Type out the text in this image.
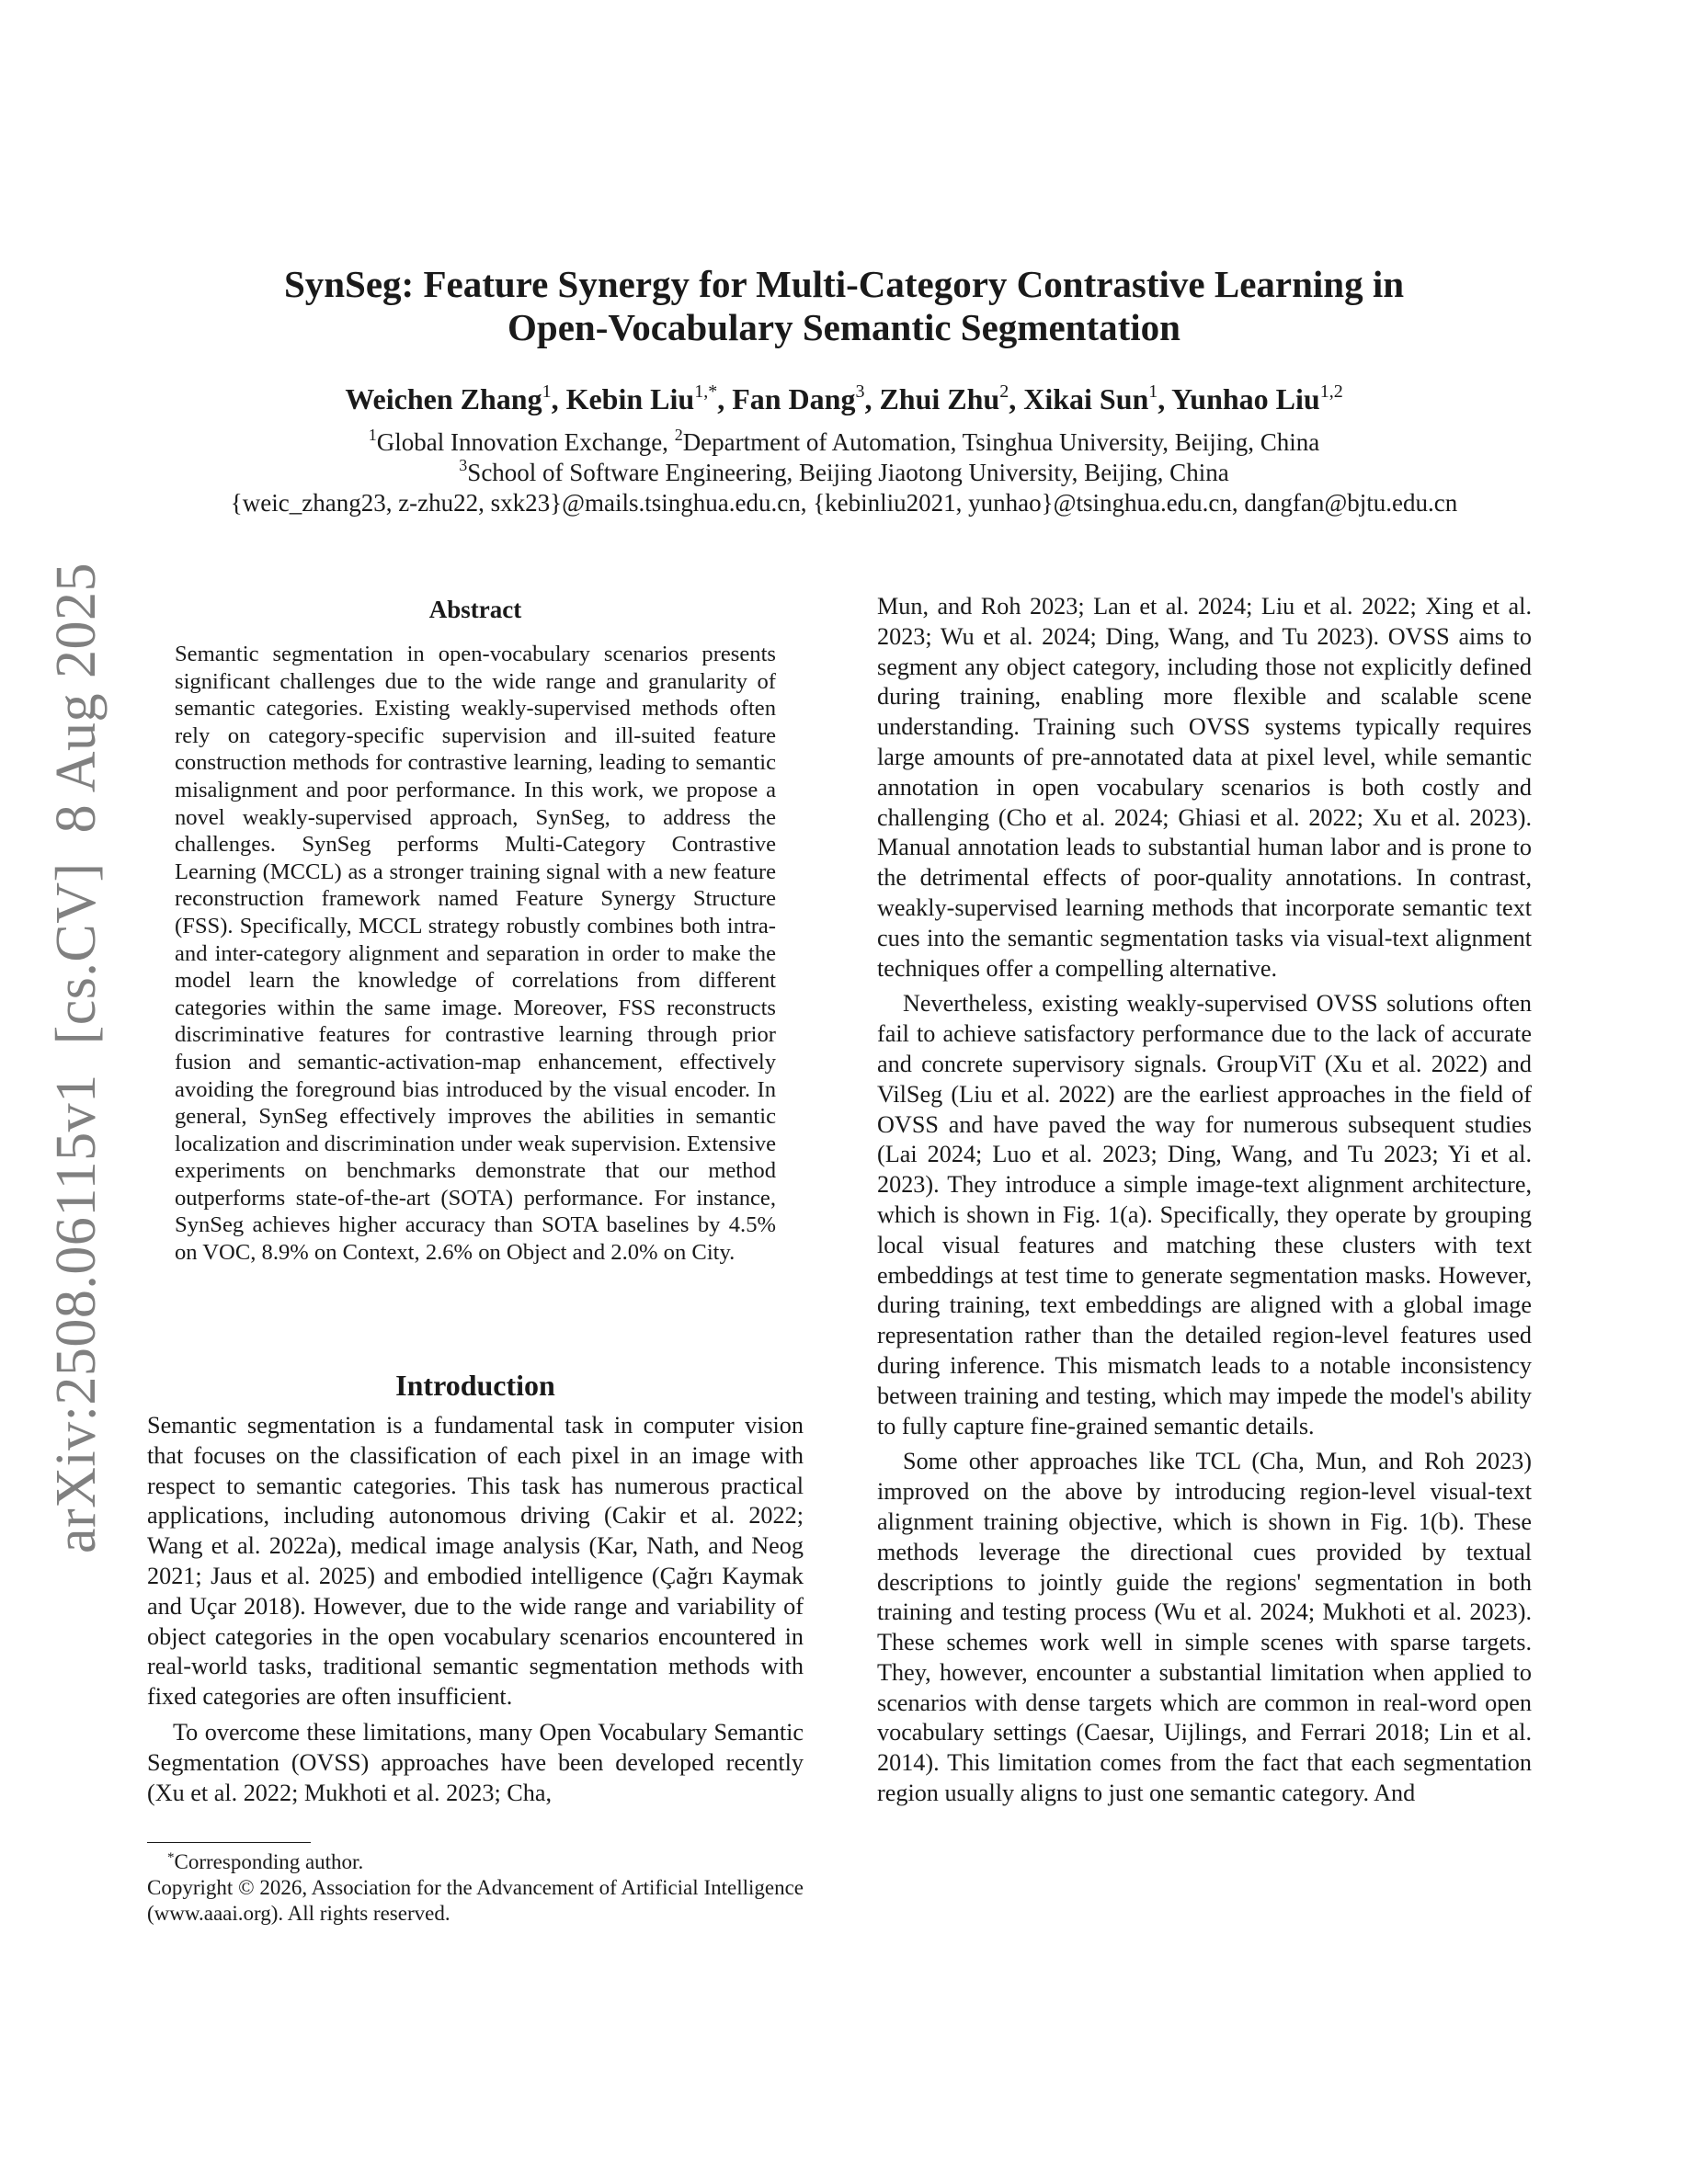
arXiv:2508.06115v1  [cs.CV]  8 Aug 2025
SynSeg: Feature Synergy for Multi-Category Contrastive Learning in
Open-Vocabulary Semantic Segmentation
Weichen Zhang$^1$, Kebin Liu$^{1,*}$, Fan Dang$^3$, Zhui Zhu$^2$, Xikai Sun$^1$, Yunhao Liu$^{1,2}$
$^1$Global Innovation Exchange, $^2$Department of Automation, Tsinghua University, Beijing, China
$^3$School of Software Engineering, Beijing Jiaotong University, Beijing, China
{weic_zhang23, z-zhu22, sxk23}@mails.tsinghua.edu.cn, {kebinliu2021, yunhao}@tsinghua.edu.cn, dangfan@bjtu.edu.cn
Abstract
Semantic segmentation in open-vocabulary scenarios presents significant challenges due to the wide range and granularity of semantic categories. Existing weakly-supervised methods often rely on category-specific supervision and ill-suited feature construction methods for contrastive learning, leading to semantic misalignment and poor performance. In this work, we propose a novel weakly-supervised approach, SynSeg, to address the challenges. SynSeg performs Multi-Category Contrastive Learning (MCCL) as a stronger training signal with a new feature reconstruction framework named Feature Synergy Structure (FSS). Specifically, MCCL strategy robustly combines both intra- and inter-category alignment and separation in order to make the model learn the knowledge of correlations from different categories within the same image. Moreover, FSS reconstructs discriminative features for contrastive learning through prior fusion and semantic-activation-map enhancement, effectively avoiding the foreground bias introduced by the visual encoder. In general, SynSeg effectively improves the abilities in semantic localization and discrimination under weak supervision. Extensive experiments on benchmarks demonstrate that our method outperforms state-of-the-art (SOTA) performance. For instance, SynSeg achieves higher accuracy than SOTA baselines by 4.5% on VOC, 8.9% on Context, 2.6% on Object and 2.0% on City.
Introduction

Semantic segmentation is a fundamental task in computer vision that focuses on the classification of each pixel in an image with respect to semantic categories. This task has numerous practical applications, including autonomous driving (Cakir et al. 2022; Wang et al. 2022a), medical image analysis (Kar, Nath, and Neog 2021; Jaus et al. 2025) and embodied intelligence (Çağrı Kaymak and Uçar 2018). However, due to the wide range and variability of object categories in the open vocabulary scenarios encountered in real-world tasks, traditional semantic segmentation methods with fixed categories are often insufficient.

To overcome these limitations, many Open Vocabulary Semantic Segmentation (OVSS) approaches have been developed recently (Xu et al. 2022; Mukhoti et al. 2023; Cha,

*Corresponding author.
Copyright © 2026, Association for the Advancement of Artificial Intelligence (www.aaai.org). All rights reserved.

Mun, and Roh 2023; Lan et al. 2024; Liu et al. 2022; Xing et al. 2023; Wu et al. 2024; Ding, Wang, and Tu 2023). OVSS aims to segment any object category, including those not explicitly defined during training, enabling more flexible and scalable scene understanding. Training such OVSS systems typically requires large amounts of pre-annotated data at pixel level, while semantic annotation in open vocabulary scenarios is both costly and challenging (Cho et al. 2024; Ghiasi et al. 2022; Xu et al. 2023). Manual annotation leads to substantial human labor and is prone to the detrimental effects of poor-quality annotations. In contrast, weakly-supervised learning methods that incorporate semantic text cues into the semantic segmentation tasks via visual-text alignment techniques offer a compelling alternative.

Nevertheless, existing weakly-supervised OVSS solutions often fail to achieve satisfactory performance due to the lack of accurate and concrete supervisory signals. GroupViT (Xu et al. 2022) and VilSeg (Liu et al. 2022) are the earliest approaches in the field of OVSS and have paved the way for numerous subsequent studies (Lai 2024; Luo et al. 2023; Ding, Wang, and Tu 2023; Yi et al. 2023). They introduce a simple image-text alignment architecture, which is shown in Fig. 1(a). Specifically, they operate by grouping local visual features and matching these clusters with text embeddings at test time to generate segmentation masks. However, during training, text embeddings are aligned with a global image representation rather than the detailed region-level features used during inference. This mismatch leads to a notable inconsistency between training and testing, which may impede the model's ability to fully capture fine-grained semantic details.

Some other approaches like TCL (Cha, Mun, and Roh 2023) improved on the above by introducing region-level visual-text alignment training objective, which is shown in Fig. 1(b). These methods leverage the directional cues provided by textual descriptions to jointly guide the regions' segmentation in both training and testing process (Wu et al. 2024; Mukhoti et al. 2023). These schemes work well in simple scenes with sparse targets. They, however, encounter a substantial limitation when applied to scenarios with dense targets which are common in real-word open vocabulary settings (Caesar, Uijlings, and Ferrari 2018; Lin et al. 2014). This limitation comes from the fact that each segmentation region usually aligns to just one semantic category. And
